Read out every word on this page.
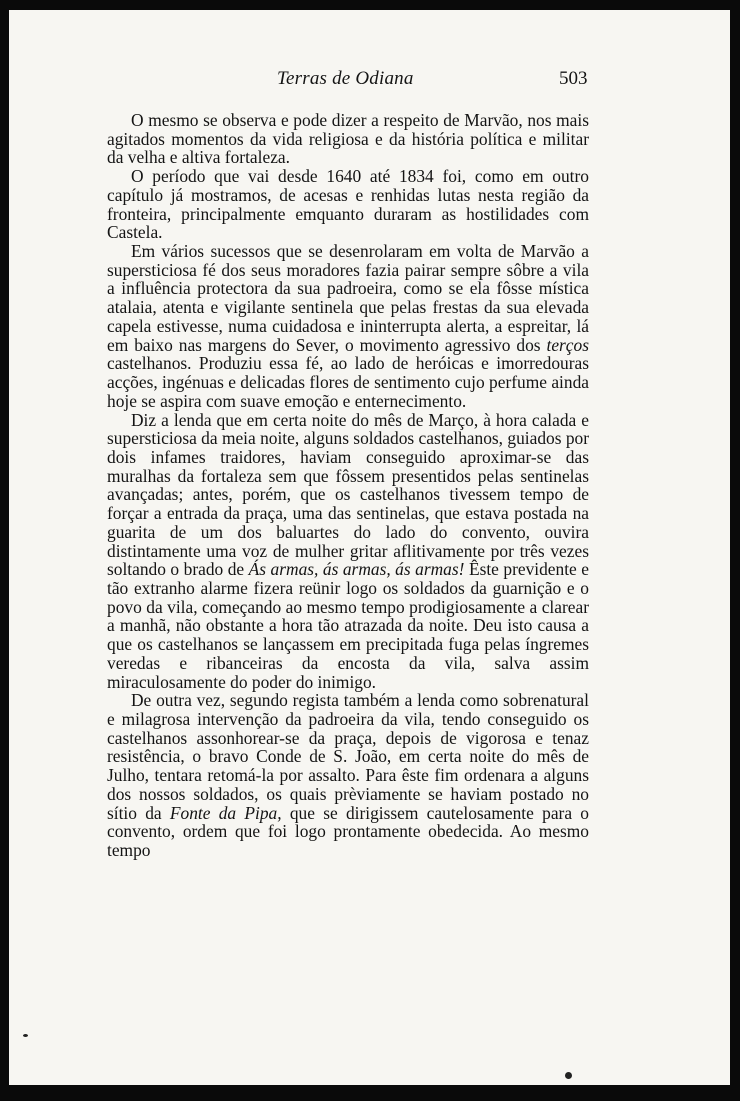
Terras de Odiana	503

O mesmo se observa e pode dizer a respeito de Marvão, nos mais agitados momentos da vida religiosa e da história política e militar da velha e altiva fortaleza.

O período que vai desde 1640 até 1834 foi, como em outro capítulo já mostramos, de acesas e renhidas lutas nesta região da fronteira, principalmente emquanto duraram as hostilidades com Castela.

Em vários sucessos que se desenrolaram em volta de Marvão a supersticiosa fé dos seus moradores fazia pairar sempre sôbre a vila a influência protectora da sua padroeira, como se ela fôsse mística atalaia, atenta e vigilante sentinela que pelas frestas da sua elevada capela estivesse, numa cuidadosa e ininterrupta alerta, a espreitar, lá em baixo nas margens do Sever, o movimento agressivo dos terços castelhanos. Produziu essa fé, ao lado de heróicas e imorredouras acções, ingénuas e delicadas flores de sentimento cujo perfume ainda hoje se aspira com suave emoção e enternecimento.

Diz a lenda que em certa noite do mês de Março, à hora calada e supersticiosa da meia noite, alguns soldados castelhanos, guiados por dois infames traidores, haviam conseguido aproximar-se das muralhas da fortaleza sem que fôssem presentidos pelas sentinelas avançadas; antes, porém, que os castelhanos tivessem tempo de forçar a entrada da praça, uma das sentinelas, que estava postada na guarita de um dos baluartes do lado do convento, ouvira distintamente uma voz de mulher gritar aflitivamente por três vezes soltando o brado de Ás armas, ás armas, ás armas! Êste previdente e tão extranho alarme fizera reünir logo os soldados da guarnição e o povo da vila, começando ao mesmo tempo prodigiosamente a clarear a manhã, não obstante a hora tão atrazada da noite. Deu isto causa a que os castelhanos se lançassem em precipitada fuga pelas íngremes veredas e ribanceiras da encosta da vila, salva assim miraculosamente do poder do inimigo.

De outra vez, segundo regista também a lenda como sobrenatural e milagrosa intervenção da padroeira da vila, tendo conseguido os castelhanos assonhorear-se da praça, depois de vigorosa e tenaz resistência, o bravo Conde de S. João, em certa noite do mês de Julho, tentara retomá-la por assalto. Para êste fim ordenara a alguns dos nossos soldados, os quais prèviamente se haviam postado no sítio da Fonte da Pipa, que se dirigissem cautelosamente para o convento, ordem que foi logo prontamente obedecida. Ao mesmo tempo
